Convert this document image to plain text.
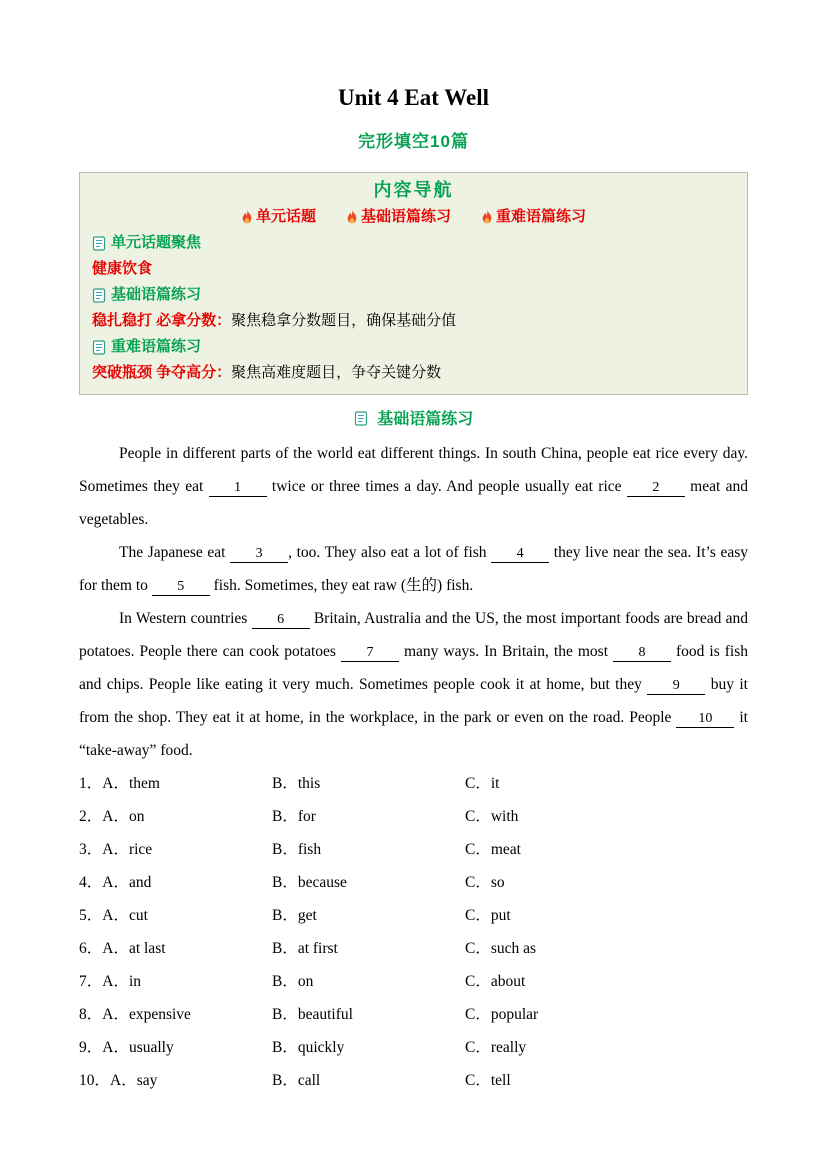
Unit 4 Eat Well
完形填空10篇
内容导航
单元话题	基础语篇练习	重难语篇练习
单元话题聚焦
健康饮食
基础语篇练习
稳扎稳打 必拿分数：聚焦稳拿分数题目，确保基础分值
重难语篇练习
突破瓶颈 争夺高分：聚焦高难度题目，争夺关键分数
基础语篇练习

People in different parts of the world eat different things. In south China, people eat rice every day. Sometimes they eat 1 twice or three times a day. And people usually eat rice 2 meat and vegetables.

The Japanese eat 3 , too. They also eat a lot of fish 4 they live near the sea. It’s easy for them to 5 fish. Sometimes, they eat raw (生的) fish.

In Western countries 6 Britain, Australia and the US, the most important foods are bread and potatoes. People there can cook potatoes 7 many ways. In Britain, the most 8 food is fish and chips. People like eating it very much. Sometimes people cook it at home, but they 9 buy it from the shop. They eat it at home, in the workplace, in the park or even on the road. People 10 it “take-away” food.

1．A．them	B．this	C．it
2．A．on	B．for	C．with
3．A．rice	B．fish	C．meat
4．A．and	B．because	C．so
5．A．cut	B．get	C．put
6．A．at last	B．at first	C．such as
7．A．in	B．on	C．about
8．A．expensive	B．beautiful	C．popular
9．A．usually	B．quickly	C．really
10．A．say	B．call	C．tell
